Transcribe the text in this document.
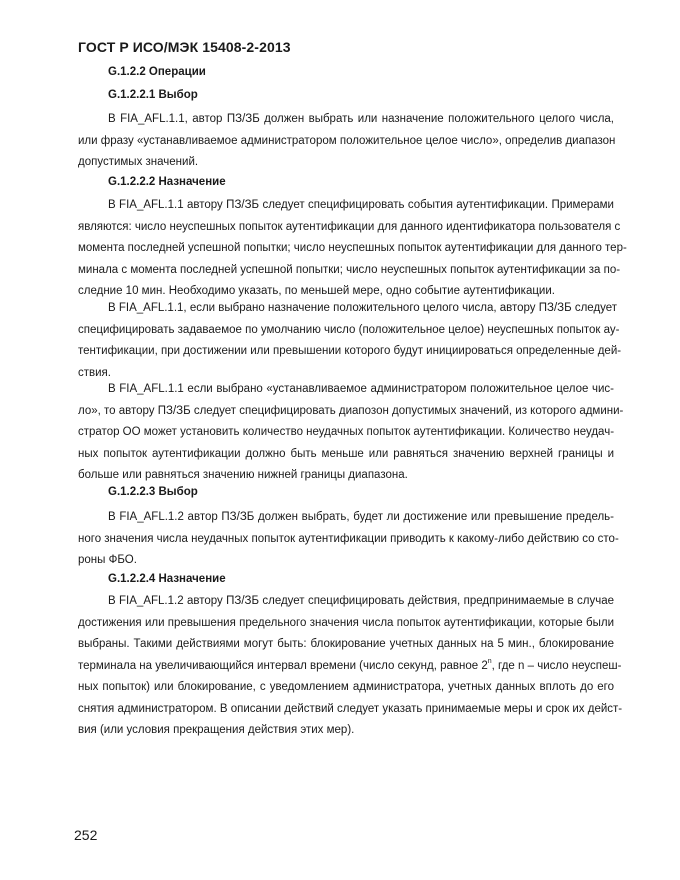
ГОСТ Р ИСО/МЭК 15408-2-2013
G.1.2.2 Операции
G.1.2.2.1 Выбор
В FIA_AFL.1.1, автор ПЗ/ЗБ должен выбрать или назначение положительного целого числа,
или фразу «устанавливаемое администратором положительное целое число», определив диапазон
допустимых значений.
G.1.2.2.2 Назначение
В FIA_AFL.1.1 автору ПЗ/ЗБ следует специфицировать события аутентификации. Примерами
являются: число неуспешных попыток аутентификации для данного идентификатора пользователя с
момента последней успешной попытки; число неуспешных попыток аутентификации для данного тер-
минала с момента последней успешной попытки; число неуспешных попыток аутентификации за по-
следние 10 мин. Необходимо указать, по меньшей мере, одно событие аутентификации.
В FIA_AFL.1.1, если выбрано назначение положительного целого числа, автору ПЗ/ЗБ следует
специфицировать задаваемое по умолчанию число (положительное целое) неуспешных попыток ау-
тентификации, при достижении или превышении которого будут инициироваться определенные дей-
ствия.
В FIA_AFL.1.1 если выбрано «устанавливаемое администратором положительное целое чис-
ло», то автору ПЗ/ЗБ следует специфицировать диапозон допустимых значений, из которого админи-
стратор ОО может установить количество неудачных попыток аутентификации. Количество неудач-
ных попыток аутентификации должно быть меньше или равняться значению верхней границы и
больше или равняться значению нижней границы диапазона.
G.1.2.2.3 Выбор
В FIA_AFL.1.2 автор ПЗ/ЗБ должен выбрать, будет ли достижение или превышение предель-
ного значения числа неудачных попыток аутентификации приводить к какому-либо действию со сто-
роны ФБО.
G.1.2.2.4 Назначение
В FIA_AFL.1.2 автору ПЗ/ЗБ следует специфицировать действия, предпринимаемые в случае
достижения или превышения предельного значения числа попыток аутентификации, которые были
выбраны. Такими действиями могут быть: блокирование учетных данных на 5 мин., блокирование
терминала на увеличивающийся интервал времени (число секунд, равное 2$^n$, где n – число неуспеш-
ных попыток) или блокирование, с уведомлением администратора, учетных данных вплоть до его
снятия администратором. В описании действий следует указать принимаемые меры и срок их дейст-
вия (или условия прекращения действия этих мер).
252
